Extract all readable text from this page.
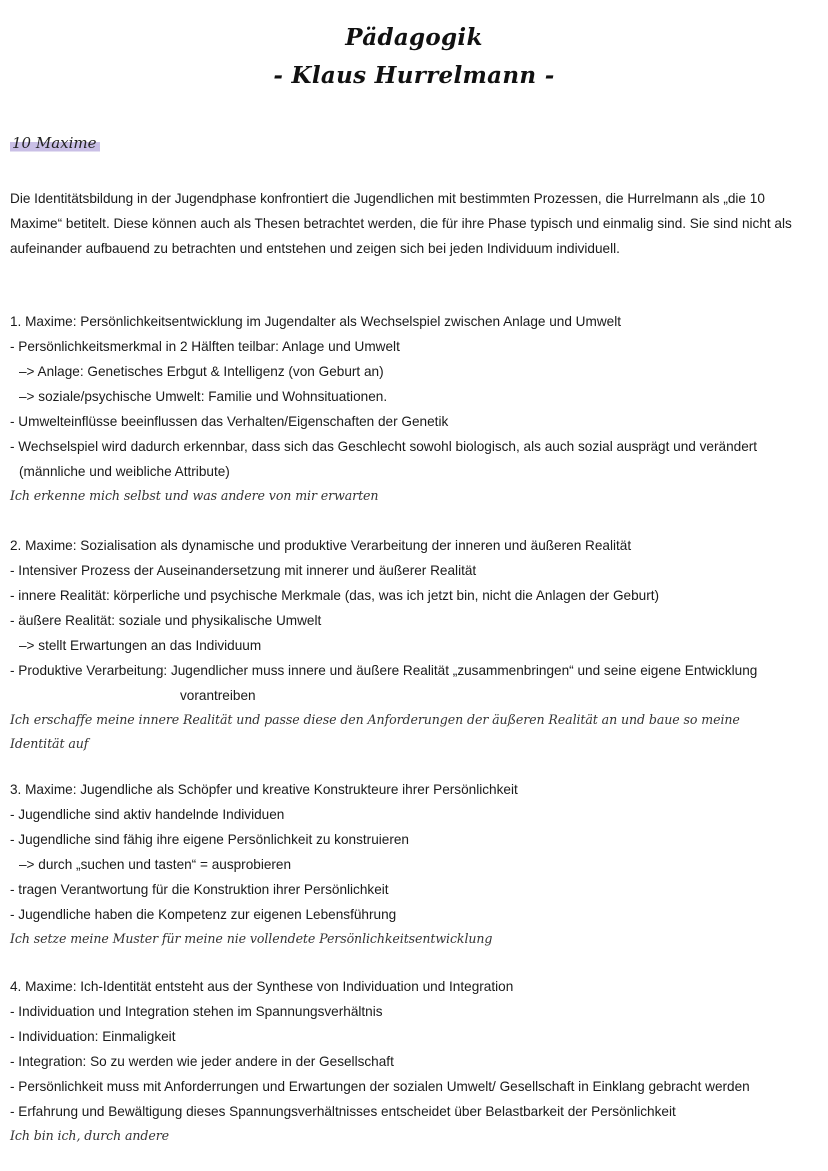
Pädagogik
- Klaus Hurrelmann -

10 Maxime

Die Identitätsbildung in der Jugendphase konfrontiert die Jugendlichen mit bestimmten Prozessen, die Hurrelmann als „die 10 Maxime“ betitelt. Diese können auch als Thesen betrachtet werden, die für ihre Phase typisch und einmalig sind. Sie sind nicht als aufeinander aufbauend zu betrachten und entstehen und zeigen sich bei jeden Individuum individuell.

1. Maxime: Persönlichkeitsentwicklung im Jugendalter als Wechselspiel zwischen Anlage und Umwelt

- Persönlichkeitsmerkmal in 2 Hälften teilbar: Anlage und Umwelt

–> Anlage: Genetisches Erbgut & Intelligenz (von Geburt an)

–> soziale/psychische Umwelt: Familie und Wohnsituationen.

- Umwelteinflüsse beeinflussen das Verhalten/Eigenschaften der Genetik

- Wechselspiel wird dadurch erkennbar, dass sich das Geschlecht sowohl biologisch, als auch sozial ausprägt und verändert

(männliche und weibliche Attribute)

Ich erkenne mich selbst und was andere von mir erwarten

2. Maxime: Sozialisation als dynamische und produktive Verarbeitung der inneren und äußeren Realität

- Intensiver Prozess der Auseinandersetzung mit innerer und äußerer Realität

- innere Realität: körperliche und psychische Merkmale (das, was ich jetzt bin, nicht die Anlagen der Geburt)

- äußere Realität: soziale und physikalische Umwelt

–> stellt Erwartungen an das Individuum

- Produktive Verarbeitung: Jugendlicher muss innere und äußere Realität „zusammenbringen“ und seine eigene Entwicklung

vorantreiben

Ich erschaffe meine innere Realität und passe diese den Anforderungen der äußeren Realität an und baue so meine Identität auf

3. Maxime: Jugendliche als Schöpfer und kreative Konstrukteure ihrer Persönlichkeit

- Jugendliche sind aktiv handelnde Individuen

- Jugendliche sind fähig ihre eigene Persönlichkeit zu konstruieren

–> durch „suchen und tasten“ = ausprobieren

- tragen Verantwortung für die Konstruktion ihrer Persönlichkeit

- Jugendliche haben die Kompetenz zur eigenen Lebensführung

Ich setze meine Muster für meine nie vollendete Persönlichkeitsentwicklung

4. Maxime: Ich-Identität entsteht aus der Synthese von Individuation und Integration

- Individuation und Integration stehen im Spannungsverhältnis

- Individuation: Einmaligkeit

- Integration: So zu werden wie jeder andere in der Gesellschaft

- Persönlichkeit muss mit Anforderrungen und Erwartungen der sozialen Umwelt/ Gesellschaft in Einklang gebracht werden

- Erfahrung und Bewältigung dieses Spannungsverhältnisses entscheidet über Belastbarkeit der Persönlichkeit

Ich bin ich, durch andere
